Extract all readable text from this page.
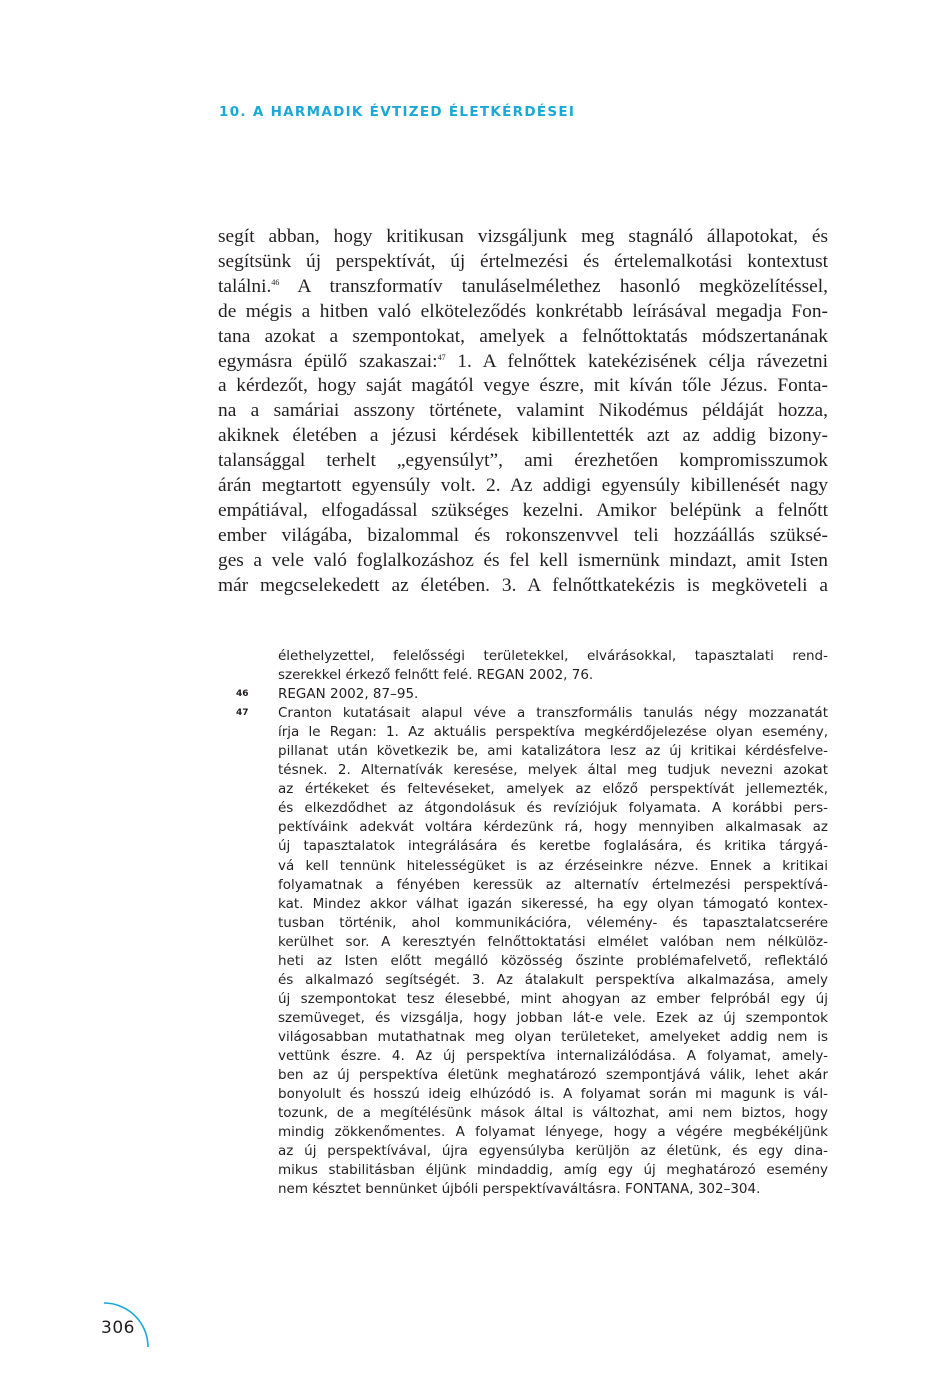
10. A HARMADIK ÉVTIZED ÉLETKÉRDÉSEI
segít abban, hogy kritikusan vizsgáljunk meg stagnáló állapotokat, és
segítsünk új perspektívát, új értelmezési és értelemalkotási kontextust
találni.$^{46}$ A transzformatív tanuláselmélethez hasonló megközelítéssel,
de mégis a hitben való elköteleződés konkrétabb leírásával megadja Fon-
tana azokat a szempontokat, amelyek a felnőttoktatás módszertanának
egymásra épülő szakaszai:$^{47}$ 1. A felnőttek katekézisének célja rávezetni
a kérdezőt, hogy saját magától vegye észre, mit kíván tőle Jézus. Fonta-
na a samáriai asszony története, valamint Nikodémus példáját hozza,
akiknek életében a jézusi kérdések kibillentették azt az addig bizony-
talansággal terhelt „egyensúlyt”, ami érezhetően kompromisszumok
árán megtartott egyensúly volt. 2. Az addigi egyensúly kibillenését nagy
empátiával, elfogadással szükséges kezelni. Amikor belépünk a felnőtt
ember világába, bizalommal és rokonszenvvel teli hozzáállás szüksé-
ges a vele való foglalkozáshoz és fel kell ismernünk mindazt, amit Isten
már megcselekedett az életében. 3. A felnőttkatekézis is megköveteli a
élethelyzettel, felelősségi területekkel, elvárásokkal, tapasztalati rend-
szerekkel érkező felnőtt felé. REGAN 2002, 76.
46 REGAN 2002, 87–95.
47 Cranton kutatásait alapul véve a transzformális tanulás négy mozzanatát
írja le Regan: 1. Az aktuális perspektíva megkérdőjelezése olyan esemény,
pillanat után következik be, ami katalizátora lesz az új kritikai kérdésfelve-
tésnek. 2. Alternatívák keresése, melyek által meg tudjuk nevezni azokat
az értékeket és feltevéseket, amelyek az előző perspektívát jellemezték,
és elkezdődhet az átgondolásuk és revíziójuk folyamata. A korábbi pers-
pektíváink adekvát voltára kérdezünk rá, hogy mennyiben alkalmasak az
új tapasztalatok integrálására és keretbe foglalására, és kritika tárgyá-
vá kell tennünk hitelességüket is az érzéseinkre nézve. Ennek a kritikai
folyamatnak a fényében keressük az alternatív értelmezési perspektívá-
kat. Mindez akkor válhat igazán sikeressé, ha egy olyan támogató kontex-
tusban történik, ahol kommunikációra, vélemény- és tapasztalatcserére
kerülhet sor. A keresztyén felnőttoktatási elmélet valóban nem nélkülöz-
heti az Isten előtt megálló közösség őszinte problémafelvető, reflektáló
és alkalmazó segítségét. 3. Az átalakult perspektíva alkalmazása, amely
új szempontokat tesz élesebbé, mint ahogyan az ember felpróbál egy új
szemüveget, és vizsgálja, hogy jobban lát-e vele. Ezek az új szempontok
világosabban mutathatnak meg olyan területeket, amelyeket addig nem is
vettünk észre. 4. Az új perspektíva internalizálódása. A folyamat, amely-
ben az új perspektíva életünk meghatározó szempontjává válik, lehet akár
bonyolult és hosszú ideig elhúzódó is. A folyamat során mi magunk is vál-
tozunk, de a megítélésünk mások által is változhat, ami nem biztos, hogy
mindig zökkenőmentes. A folyamat lényege, hogy a végére megbékéljünk
az új perspektívával, újra egyensúlyba kerüljön az életünk, és egy dina-
mikus stabilitásban éljünk mindaddig, amíg egy új meghatározó esemény
nem késztet bennünket újbóli perspektívaváltásra. FONTANA, 302–304.
306
